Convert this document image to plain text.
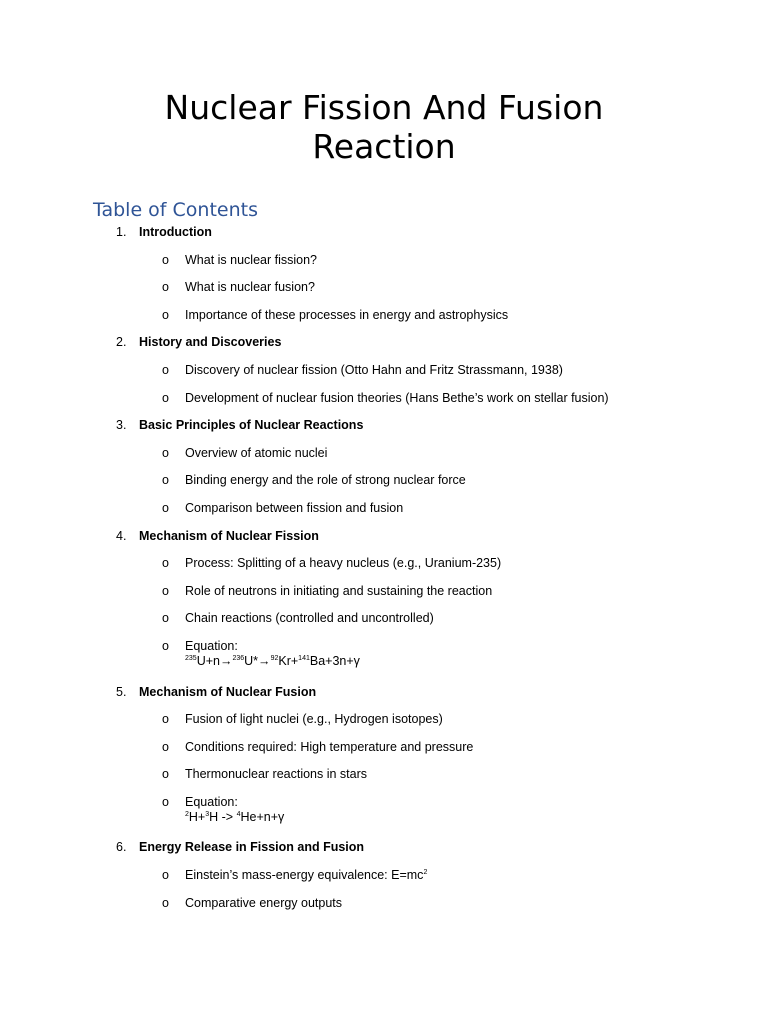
Nuclear Fission And Fusion
Reaction
Table of Contents
1. Introduction
o What is nuclear fission?
o What is nuclear fusion?
o Importance of these processes in energy and astrophysics
2. History and Discoveries
o Discovery of nuclear fission (Otto Hahn and Fritz Strassmann, 1938)
o Development of nuclear fusion theories (Hans Bethe’s work on stellar fusion)
3. Basic Principles of Nuclear Reactions
o Overview of atomic nuclei
o Binding energy and the role of strong nuclear force
o Comparison between fission and fusion
4. Mechanism of Nuclear Fission
o Process: Splitting of a heavy nucleus (e.g., Uranium-235)
o Role of neutrons in initiating and sustaining the reaction
o Chain reactions (controlled and uncontrolled)
o Equation:
$^{235}$U+n→$^{236}$U*→$^{92}$Kr+$^{141}$Ba+3n+γ
5. Mechanism of Nuclear Fusion
o Fusion of light nuclei (e.g., Hydrogen isotopes)
o Conditions required: High temperature and pressure
o Thermonuclear reactions in stars
o Equation:
$^2$H+$^3$H -> $^4$He+n+γ
6. Energy Release in Fission and Fusion
o Einstein’s mass-energy equivalence: $E=mc^2$
o Comparative energy outputs
